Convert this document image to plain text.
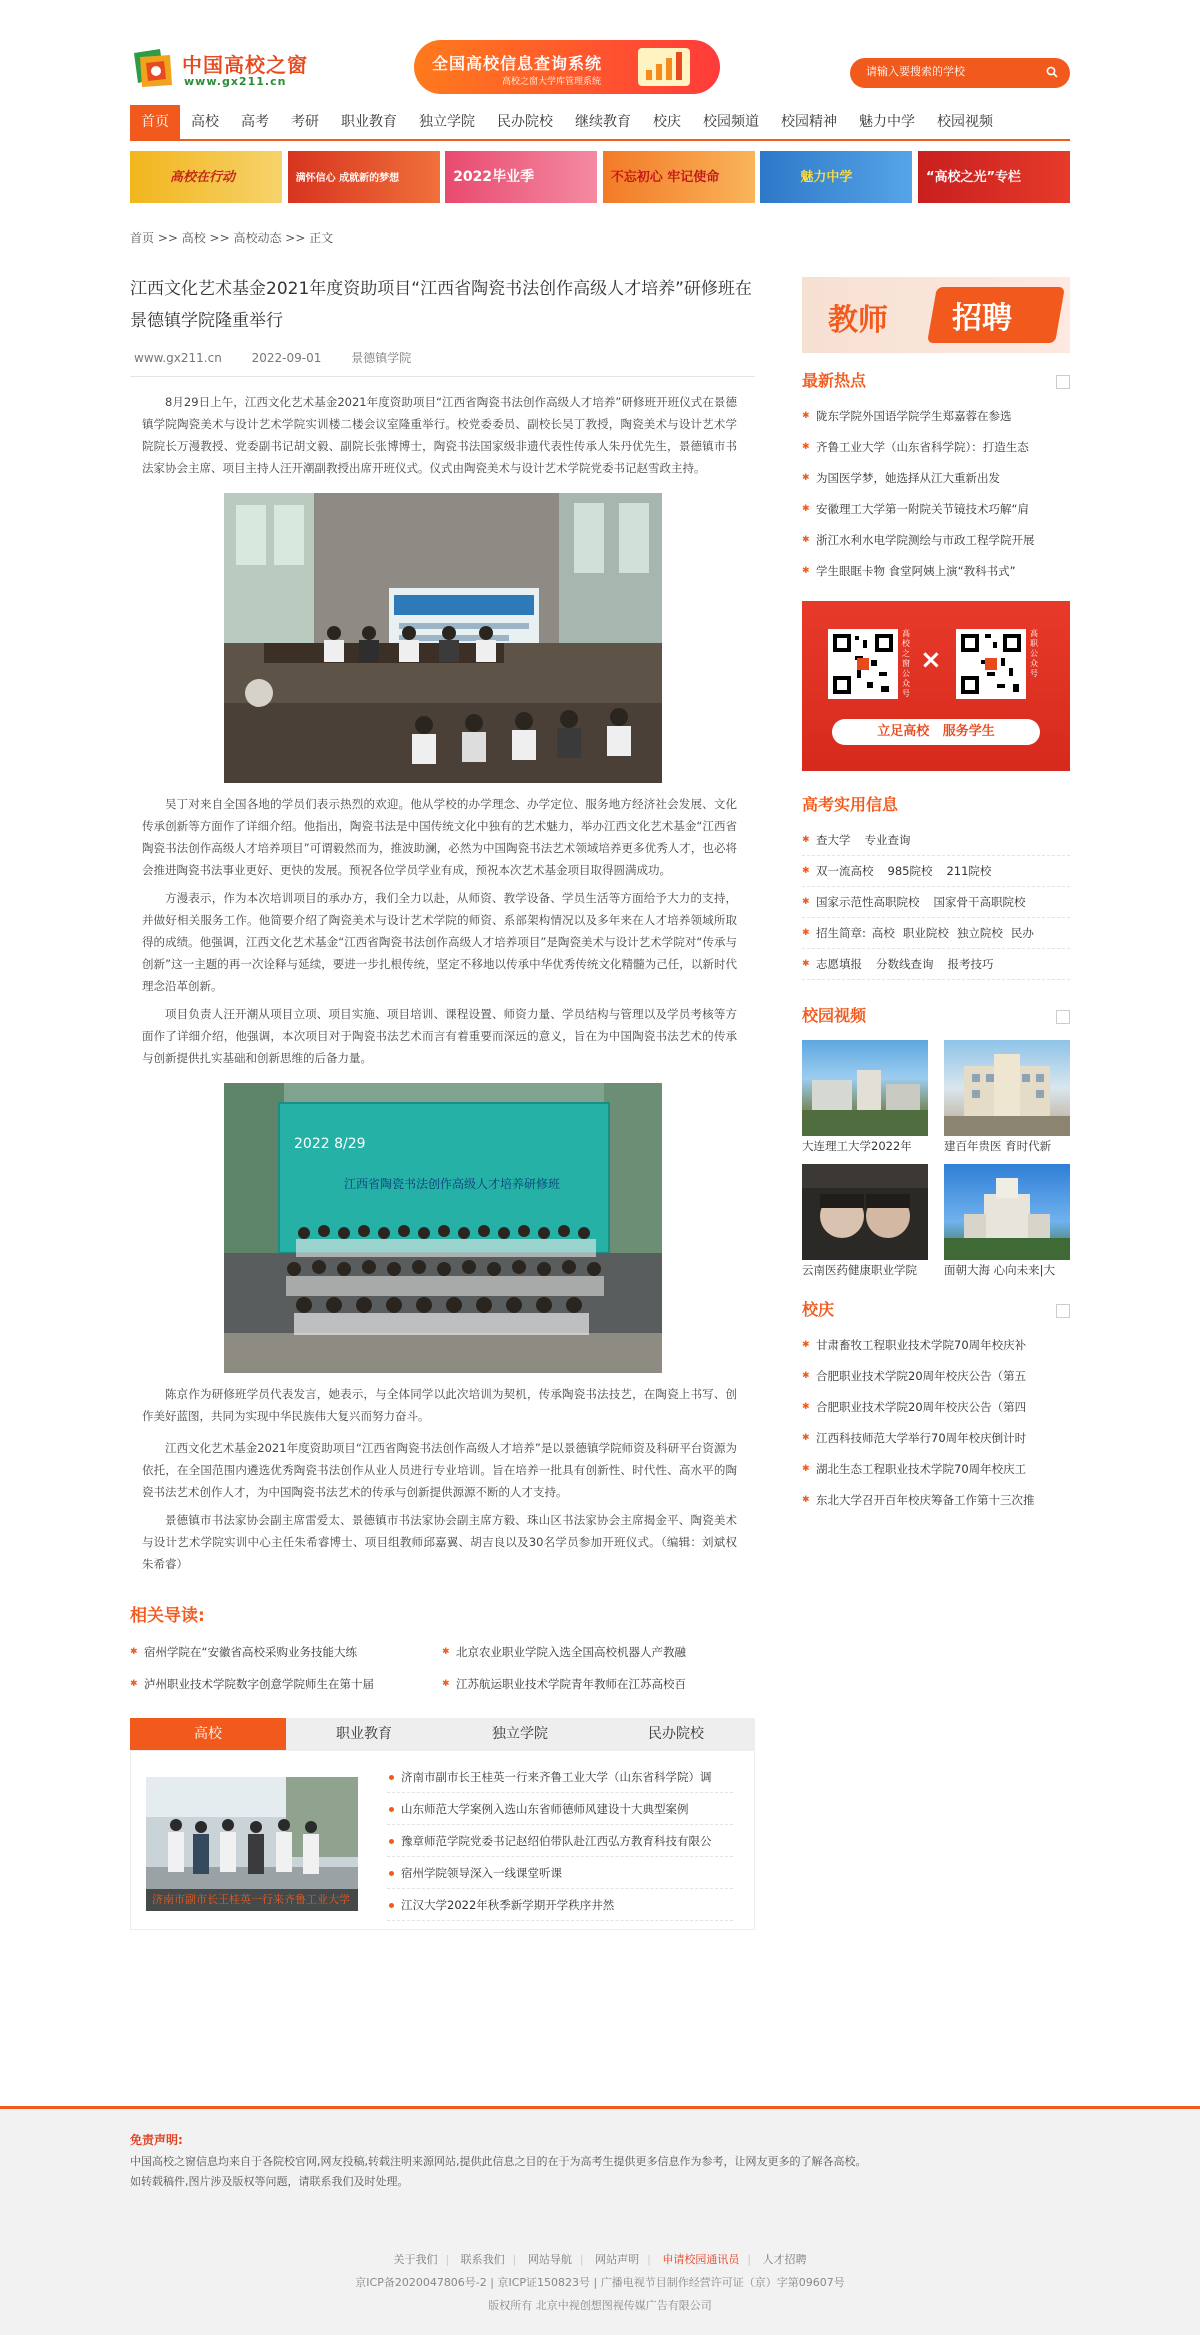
中国高校之窗
www.gx211.cn
全国高校信息查询系统
高校之窗大学库管理系统
请输入要搜索的学校
首页	高校	高考	考研	职业教育	独立学院	民办院校	继续教育	校庆	校园频道	校园精神	魅力中学	校园视频
高校在行动	满怀信心 成就新的梦想	2022毕业季	不忘初心 牢记使命	魅力中学	“高校之光”专栏
首页 >> 高校 >> 高校动态 >> 正文
江西文化艺术基金2021年度资助项目“江西省陶瓷书法创作高级人才培养”研修班在景德镇学院隆重举行
www.gx211.cn 2022-09-01 景德镇学院

8月29日上午，江西文化艺术基金2021年度资助项目“江西省陶瓷书法创作高级人才培养”研修班开班仪式在景德镇学院陶瓷美术与设计艺术学院实训楼二楼会议室隆重举行。校党委委员、副校长吴丁教授，陶瓷美术与设计艺术学院院长万漫教授、党委副书记胡文毅、副院长张博博士，陶瓷书法国家级非遗代表性传承人朱丹优先生，景德镇市书法家协会主席、项目主持人汪开潮副教授出席开班仪式。仪式由陶瓷美术与设计艺术学院党委书记赵雪政主持。

吴丁对来自全国各地的学员们表示热烈的欢迎。他从学校的办学理念、办学定位、服务地方经济社会发展、文化传承创新等方面作了详细介绍。他指出，陶瓷书法是中国传统文化中独有的艺术魅力，举办江西文化艺术基金“江西省陶瓷书法创作高级人才培养项目”可谓毅然而为，推波助澜，必然为中国陶瓷书法艺术领域培养更多优秀人才，也必将会推进陶瓷书法事业更好、更快的发展。预祝各位学员学业有成，预祝本次艺术基金项目取得圆满成功。

方漫表示，作为本次培训项目的承办方，我们全力以赴，从师资、教学设备、学员生活等方面给予大力的支持，并做好相关服务工作。他简要介绍了陶瓷美术与设计艺术学院的师资、系部架构情况以及多年来在人才培养领域所取得的成绩。他强调，江西文化艺术基金“江西省陶瓷书法创作高级人才培养项目”是陶瓷美术与设计艺术学院对“传承与创新”这一主题的再一次诠释与延续，要进一步扎根传统，坚定不移地以传承中华优秀传统文化精髓为己任，以新时代理念沿革创新。

项目负责人汪开潮从项目立项、项目实施、项目培训、课程设置、师资力量、学员结构与管理以及学员考核等方面作了详细介绍，他强调，本次项目对于陶瓷书法艺术而言有着重要而深远的意义，旨在为中国陶瓷书法艺术的传承与创新提供扎实基础和创新思维的后备力量。

2022 8/29
江西省陶瓷书法创作高级人才培养研修班

陈京作为研修班学员代表发言，她表示，与全体同学以此次培训为契机，传承陶瓷书法技艺，在陶瓷上书写、创作美好蓝图，共同为实现中华民族伟大复兴而努力奋斗。

江西文化艺术基金2021年度资助项目“江西省陶瓷书法创作高级人才培养”是以景德镇学院师资及科研平台资源为依托，在全国范围内遴选优秀陶瓷书法创作从业人员进行专业培训。旨在培养一批具有创新性、时代性、高水平的陶瓷书法艺术创作人才，为中国陶瓷书法艺术的传承与创新提供源源不断的人才支持。

景德镇市书法家协会副主席雷爱太、景德镇市书法家协会副主席方毅、珠山区书法家协会主席揭金平、陶瓷美术与设计艺术学院实训中心主任朱希睿博士、项目组教师邱嘉翼、胡吉良以及30名学员参加开班仪式。（编辑：刘斌权 朱希睿）

相关导读:
✱ 宿州学院在“安徽省高校采购业务技能大练	✱ 北京农业职业学院入选全国高校机器人产教融
✱ 泸州职业技术学院数字创意学院师生在第十届	✱ 江苏航运职业技术学院青年教师在江苏高校百
高校	职业教育	独立学院	民办院校
济南市副市长王桂英一行来齐鲁工业大学
济南市副市长王桂英一行来齐鲁工业大学（山东省科学院）调
山东师范大学案例入选山东省师德师风建设十大典型案例
豫章师范学院党委书记赵绍伯带队赴江西弘方教育科技有限公
宿州学院领导深入一线课堂听课
江汉大学2022年秋季新学期开学秩序井然
教师 招聘
最新热点
✱ 陇东学院外国语学院学生郑嘉蓉在参选
✱ 齐鲁工业大学（山东省科学院）：打造生态
✱ 为国医学梦，她选择从江大重新出发
✱ 安徽理工大学第一附院关节镜技术巧解“肩
✱ 浙江水利水电学院测绘与市政工程学院开展
✱ 学生眼眶卡物 食堂阿姨上演“教科书式”
高校之窗公众号
×
高职公众号
立足高校 服务学生
高考实用信息
✱ 查大学 专业查询
✱ 双一流高校 985院校 211院校
✱ 国家示范性高职院校 国家骨干高职院校
✱ 招生简章: 高校 职业院校 独立院校 民办
✱ 志愿填报 分数线查询 报考技巧
校园视频
大连理工大学2022年	建百年贵医 育时代新
云南医药健康职业学院	面朝大海 心向未来|大
校庆
✱ 甘肃畜牧工程职业技术学院70周年校庆补
✱ 合肥职业技术学院20周年校庆公告（第五
✱ 合肥职业技术学院20周年校庆公告（第四
✱ 江西科技师范大学举行70周年校庆倒计时
✱ 湖北生态工程职业技术学院70周年校庆工
✱ 东北大学召开百年校庆筹备工作第十三次推
免责声明:
中国高校之窗信息均来自于各院校官网,网友投稿,转载注明来源网站,提供此信息之目的在于为高考生提供更多信息作为参考，让网友更多的了解各高校。
如转载稿件,图片涉及版权等问题，请联系我们及时处理。
关于我们 | 联系我们 | 网站导航 | 网站声明 | 申请校园通讯员 | 人才招聘
京ICP备2020047806号-2 | 京ICP证150823号 | 广播电视节目制作经营许可证（京）字第09607号
版权所有 北京中视创想图视传媒广告有限公司
